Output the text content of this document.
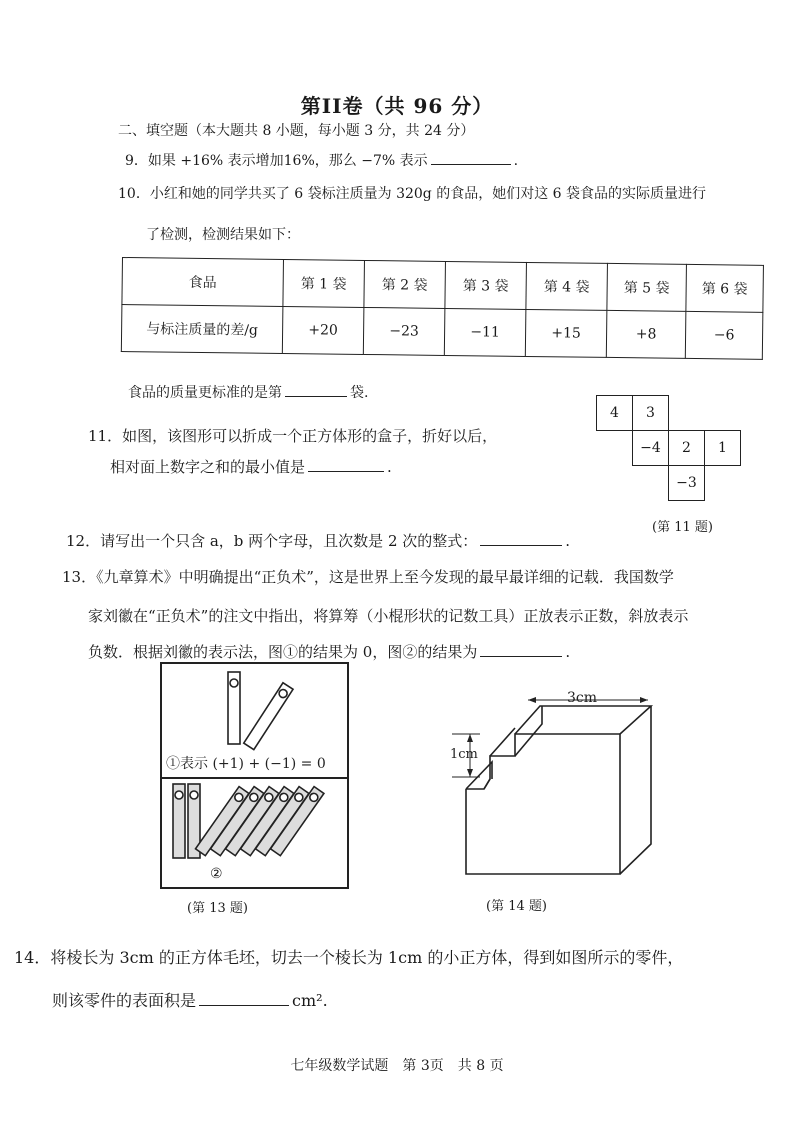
第II卷（共 96 分）
二、填空题（本大题共 8 小题，每小题 3 分，共 24 分）
9．如果 +16% 表示增加16%，那么 −7% 表示	.
10．小红和她的同学共买了 6 袋标注质量为 320g 的食品，她们对这 6 袋食品的实际质量进行
了检测，检测结果如下：
食品	第 1 袋	第 2 袋	第 3 袋	第 4 袋	第 5 袋	第 6 袋
与标注质量的差/g	+20	−23	−11	+15	+8	−6
食品的质量更标准的是第	袋.
11．如图，该图形可以折成一个正方体形的盒子，折好以后，
相对面上数字之和的最小值是	.
4	3		
	−4	2	1
		−3	
(第 11 题)
12．请写出一个只含 a，b 两个字母，且次数是 2 次的整式：	.
13．《九章算术》中明确提出“正负术”，这是世界上至今发现的最早最详细的记载．我国数学
家刘徽在“正负术”的注文中指出，将算筹（小棍形状的记数工具）正放表示正数，斜放表示
负数．根据刘徽的表示法，图①的结果为 0，图②的结果为	.
①表示 (+1) + (−1) = 0
②
(第 13 题)
3cm
1cm
(第 14 题)
14．将棱长为 3cm 的正方体毛坯，切去一个棱长为 1cm 的小正方体，得到如图所示的零件，
则该零件的表面积是	cm².
七年级数学试题　第 3页　共 8 页
